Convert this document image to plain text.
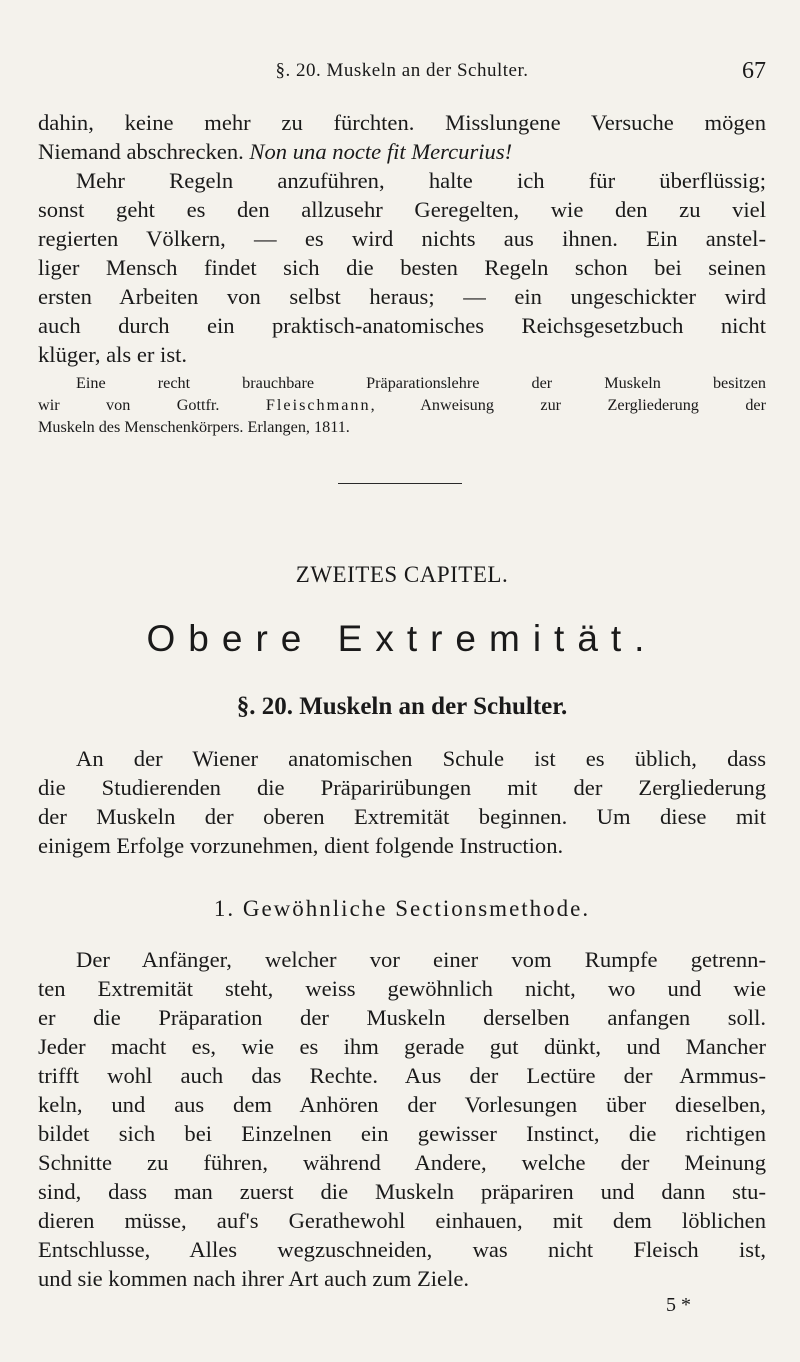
§. 20. Muskeln an der Schulter.	67
dahin, keine mehr zu fürchten. Misslungene Versuche mögen
Niemand abschrecken. Non una nocte fit Mercurius!
Mehr Regeln anzuführen, halte ich für überflüssig;
sonst geht es den allzusehr Geregelten, wie den zu viel
regierten Völkern, — es wird nichts aus ihnen. Ein anstel-
liger Mensch findet sich die besten Regeln schon bei seinen
ersten Arbeiten von selbst heraus; — ein ungeschickter wird
auch durch ein praktisch-anatomisches Reichsgesetzbuch nicht
klüger, als er ist.
Eine recht brauchbare Präparationslehre der Muskeln besitzen
wir von Gottfr. Fleischmann, Anweisung zur Zergliederung der
Muskeln des Menschenkörpers. Erlangen, 1811.
ZWEITES CAPITEL.
Obere Extremität.
§. 20. Muskeln an der Schulter.
An der Wiener anatomischen Schule ist es üblich, dass
die Studierenden die Präparirübungen mit der Zergliederung
der Muskeln der oberen Extremität beginnen. Um diese mit
einigem Erfolge vorzunehmen, dient folgende Instruction.
1. Gewöhnliche Sectionsmethode.
Der Anfänger, welcher vor einer vom Rumpfe getrenn-
ten Extremität steht, weiss gewöhnlich nicht, wo und wie
er die Präparation der Muskeln derselben anfangen soll.
Jeder macht es, wie es ihm gerade gut dünkt, und Mancher
trifft wohl auch das Rechte. Aus der Lectüre der Armmus-
keln, und aus dem Anhören der Vorlesungen über dieselben,
bildet sich bei Einzelnen ein gewisser Instinct, die richtigen
Schnitte zu führen, während Andere, welche der Meinung
sind, dass man zuerst die Muskeln präpariren und dann stu-
dieren müsse, auf's Gerathewohl einhauen, mit dem löblichen
Entschlusse, Alles wegzuschneiden, was nicht Fleisch ist,
und sie kommen nach ihrer Art auch zum Ziele.
5 *
